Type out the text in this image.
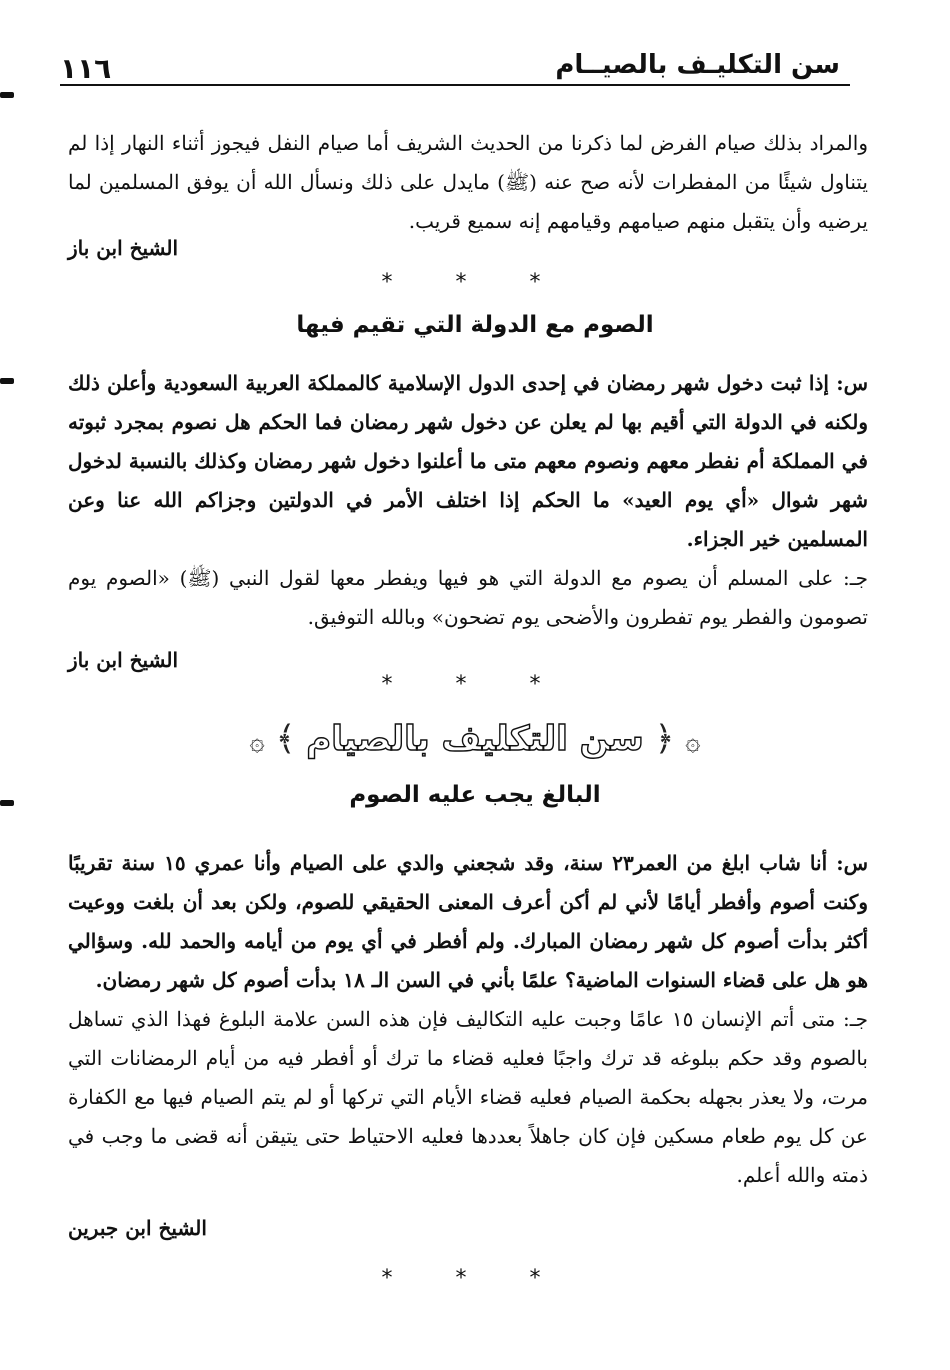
١١٦	سن التكليـف بالصيــام

والمراد بذلك صيام الفرض لما ذكرنا من الحديث الشريف أما صيام النفل فيجوز أثناء النهار إذا لم يتناول شيئًا من المفطرات لأنه صح عنه (ﷺ) مايدل على ذلك ونسأل الله أن يوفق المسلمين لما يرضيه وأن يتقبل منهم صيامهم وقيامهم إنه سميع قريب.

الشيخ ابن باز
* * *
الصوم مع الدولة التي تقيم فيها

س: إذا ثبت دخول شهر رمضان في إحدى الدول الإسلامية كالمملكة العربية السعودية وأعلن ذلك ولكنه في الدولة التي أقيم بها لم يعلن عن دخول شهر رمضان فما الحكم هل نصوم بمجرد ثبوته في المملكة أم نفطر معهم ونصوم معهم متى ما أعلنوا دخول شهر رمضان وكذلك بالنسبة لدخول شهر شوال «أي يوم العيد» ما الحكم إذا اختلف الأمر في الدولتين وجزاكم الله عنا وعن المسلمين خير الجزاء.

جـ: على المسلم أن يصوم مع الدولة التي هو فيها ويفطر معها لقول النبي (ﷺ) «الصوم يوم تصومون والفطر يوم تفطرون والأضحى يوم تضحون» وبالله التوفيق.

الشيخ ابن باز
* * *
۞ ﴿ سن التكليف بالصيام ﴾ ۞
البالغ يجب عليه الصوم

س: أنا شاب ابلغ من العمر٢٣ سنة، وقد شجعني والدي على الصيام وأنا عمري ١٥ سنة تقريبًا وكنت أصوم وأفطر أيامًا لأني لم أكن أعرف المعنى الحقيقي للصوم، ولكن بعد أن بلغت ووعيت أكثر بدأت أصوم كل شهر رمضان المبارك. ولم أفطر في أي يوم من أيامه والحمد لله. وسؤالي هو هل على قضاء السنوات الماضية؟ علمًا بأني في السن الـ ١٨ بدأت أصوم كل شهر رمضان.

جـ: متى أتم الإنسان ١٥ عامًا وجبت عليه التكاليف فإن هذه السن علامة البلوغ فهذا الذي تساهل بالصوم وقد حكم ببلوغه قد ترك واجبًا فعليه قضاء ما ترك أو أفطر فيه من أيام الرمضانات التي مرت، ولا يعذر بجهله بحكمة الصيام فعليه قضاء الأيام التي تركها أو لم يتم الصيام فيها مع الكفارة عن كل يوم طعام مسكين فإن كان جاهلاً بعددها فعليه الاحتياط حتى يتيقن أنه قضى ما وجب في ذمته والله أعلم.

الشيخ ابن جبرين
* * *
